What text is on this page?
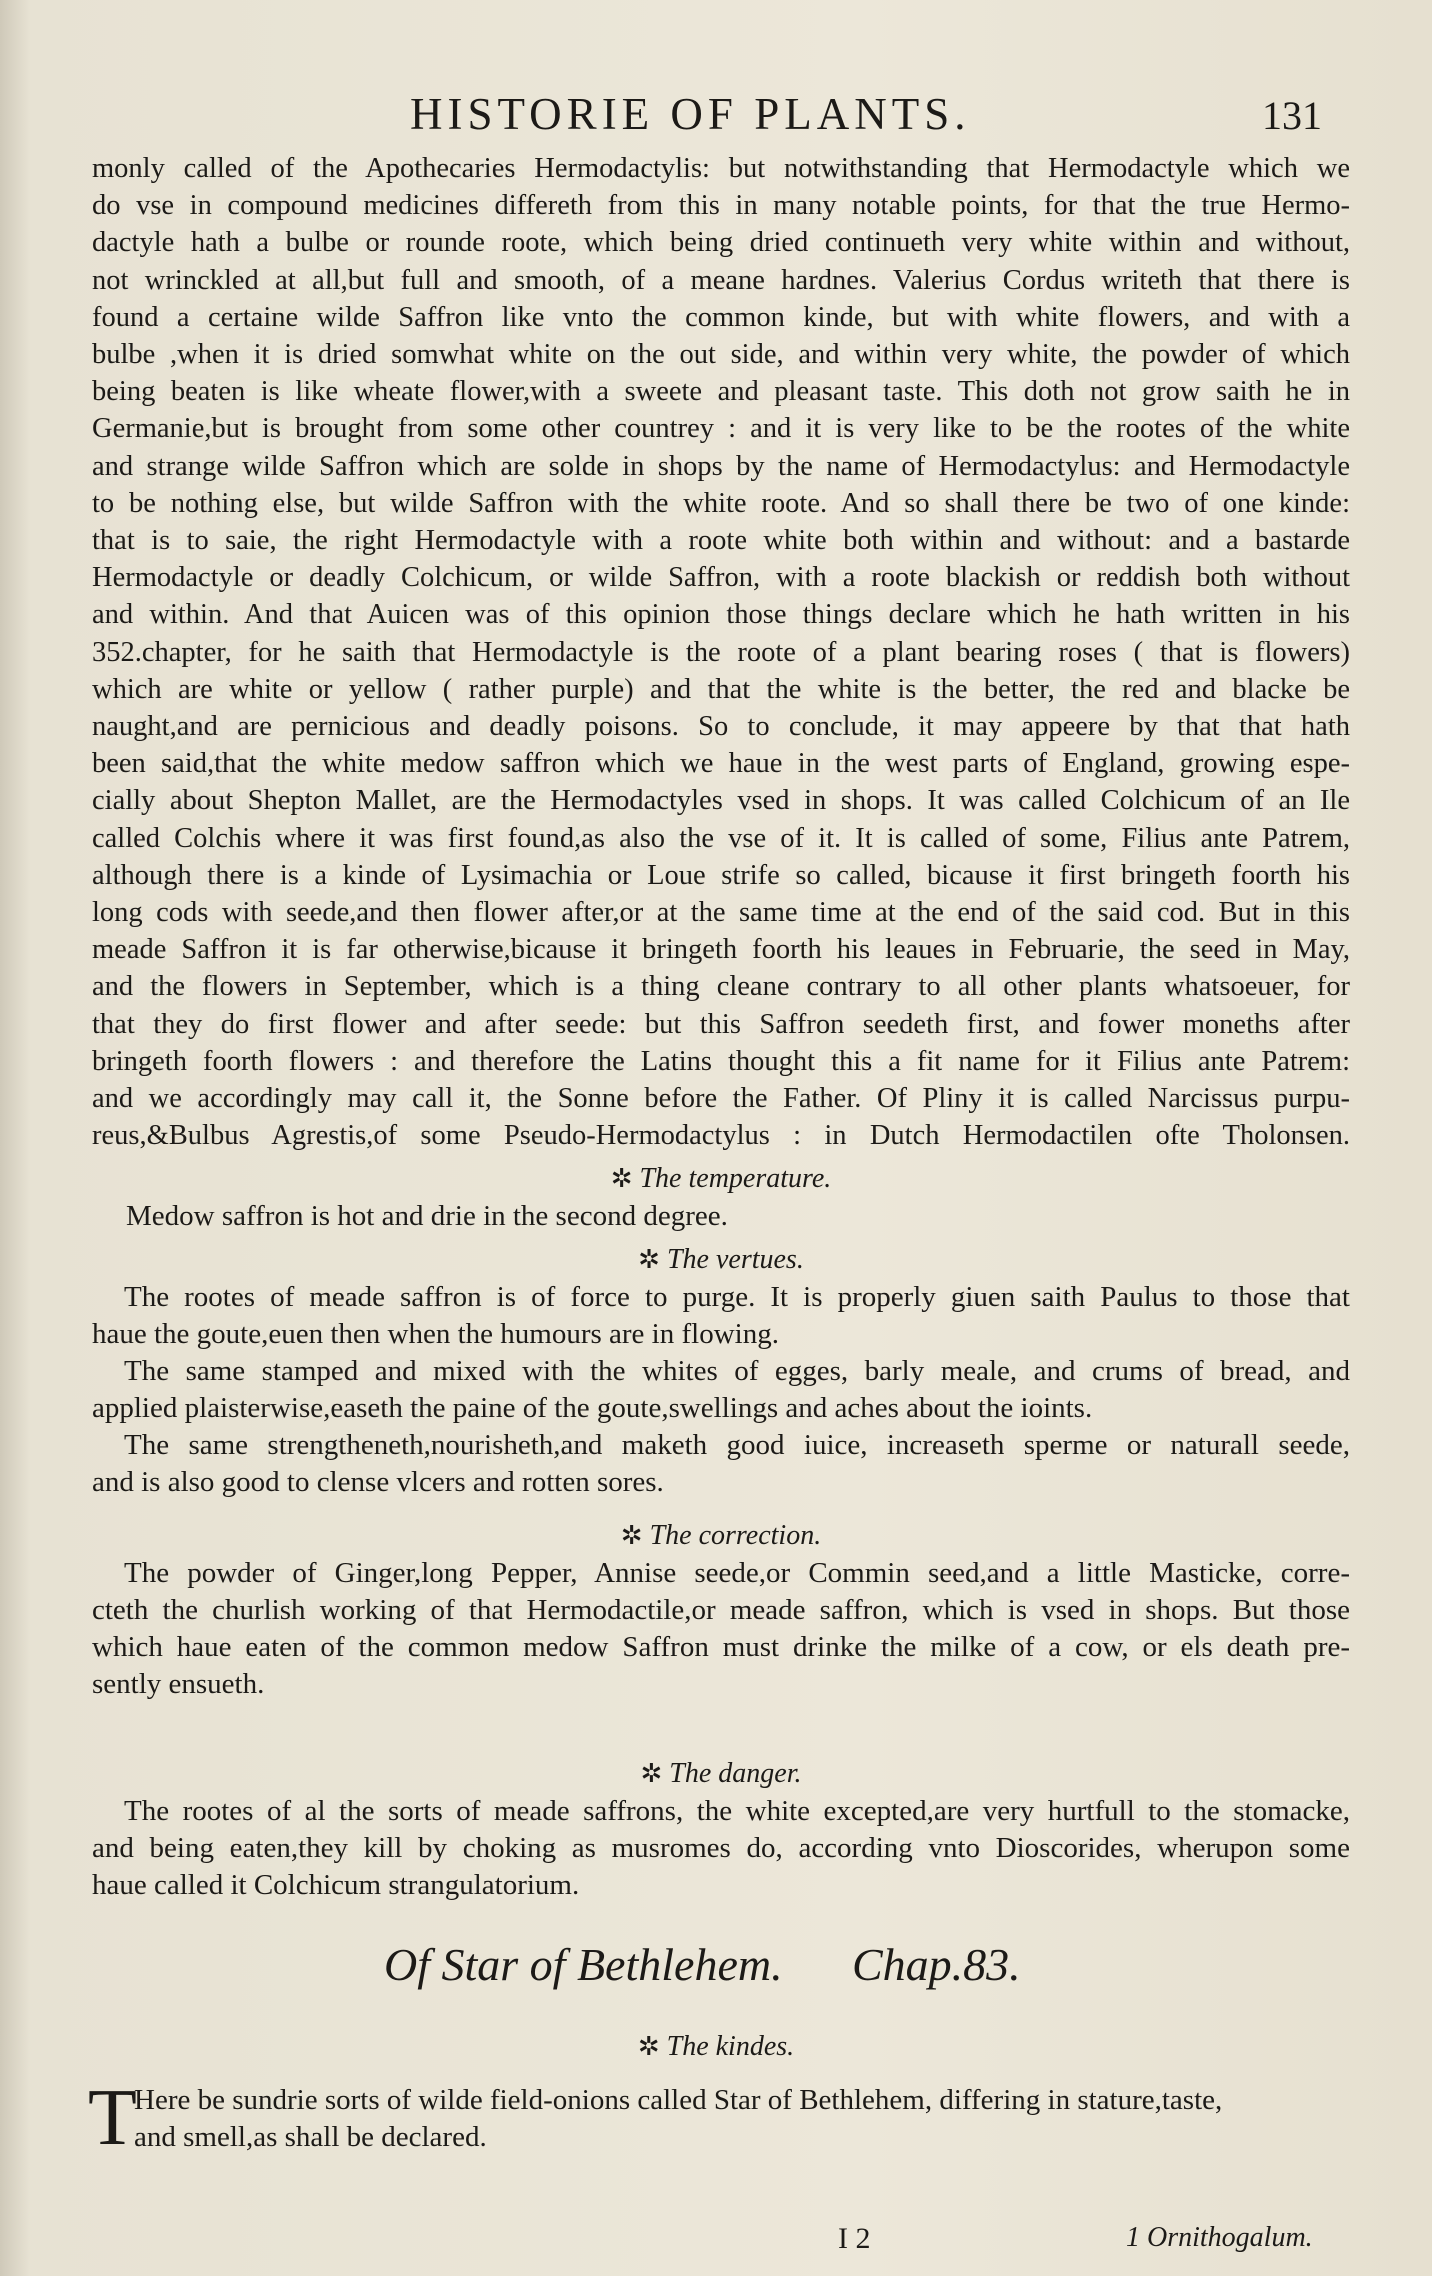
HISTORIE OF PLANTS.	131
monly called of the Apothecaries Hermodactylis: but notwithstanding that Hermodactyle which we
do vse in compound medicines differeth from this in many notable points, for that the true Hermo-
dactyle hath a bulbe or rounde roote, which being dried continueth very white within and without,
not wrinckled at all,but full and smooth, of a meane hardnes. Valerius Cordus writeth that there is
found a certaine wilde Saffron like vnto the common kinde, but with white flowers, and with a
bulbe ,when it is dried somwhat white on the out side, and within very white, the powder of which
being beaten is like wheate flower,with a sweete and pleasant taste. This doth not grow saith he in
Germanie,but is brought from some other countrey : and it is very like to be the rootes of the white
and strange wilde Saffron which are solde in shops by the name of Hermodactylus: and Hermodactyle
to be nothing else, but wilde Saffron with the white roote. And so shall there be two of one kinde:
that is to saie, the right Hermodactyle with a roote white both within and without: and a bastarde
Hermodactyle or deadly Colchicum, or wilde Saffron, with a roote blackish or reddish both without
and within. And that Auicen was of this opinion those things declare which he hath written in his
352.chapter, for he saith that Hermodactyle is the roote of a plant bearing roses ( that is flowers)
which are white or yellow ( rather purple) and that the white is the better, the red and blacke be
naught,and are pernicious and deadly poisons. So to conclude, it may appeere by that that hath
been said,that the white medow saffron which we haue in the west parts of England, growing espe-
cially about Shepton Mallet, are the Hermodactyles vsed in shops. It was called Colchicum of an Ile
called Colchis where it was first found,as also the vse of it. It is called of some, Filius ante Patrem,
although there is a kinde of Lysimachia or Loue strife so called, bicause it first bringeth foorth his
long cods with seede,and then flower after,or at the same time at the end of the said cod. But in this
meade Saffron it is far otherwise,bicause it bringeth foorth his leaues in Februarie, the seed in May,
and the flowers in September, which is a thing cleane contrary to all other plants whatsoeuer, for
that they do first flower and after seede: but this Saffron seedeth first, and fower moneths after
bringeth foorth flowers : and therefore the Latins thought this a fit name for it Filius ante Patrem:
and we accordingly may call it, the Sonne before the Father. Of Pliny it is called Narcissus purpu-
reus,&Bulbus Agrestis,of some Pseudo-Hermodactylus : in Dutch Hermodactilen ofte Tholonsen.
✲ The temperature.
Medow saffron is hot and drie in the second degree.
✲ The vertues.
The rootes of meade saffron is of force to purge. It is properly giuen saith Paulus to those that
haue the goute,euen then when the humours are in flowing.
The same stamped and mixed with the whites of egges, barly meale, and crums of bread, and
applied plaisterwise,easeth the paine of the goute,swellings and aches about the ioints.
The same strengtheneth,nourisheth,and maketh good iuice, increaseth sperme or naturall seede,
and is also good to clense vlcers and rotten sores.
✲ The correction.
The powder of Ginger,long Pepper, Annise seede,or Commin seed,and a little Masticke, corre-
cteth the churlish working of that Hermodactile,or meade saffron, which is vsed in shops. But those
which haue eaten of the common medow Saffron must drinke the milke of a cow, or els death pre-
sently ensueth.
✲ The danger.
The rootes of al the sorts of meade saffrons, the white excepted,are very hurtfull to the stomacke,
and being eaten,they kill by choking as musromes do, according vnto Dioscorides, wherupon some
haue called it Colchicum strangulatorium.
Of Star of Bethlehem. Chap.83.
✲ The kindes.
T
Here be sundrie sorts of wilde field-onions called Star of Bethlehem, differing in stature,taste,
and smell,as shall be declared.
I 2	1 Ornithogalum.
